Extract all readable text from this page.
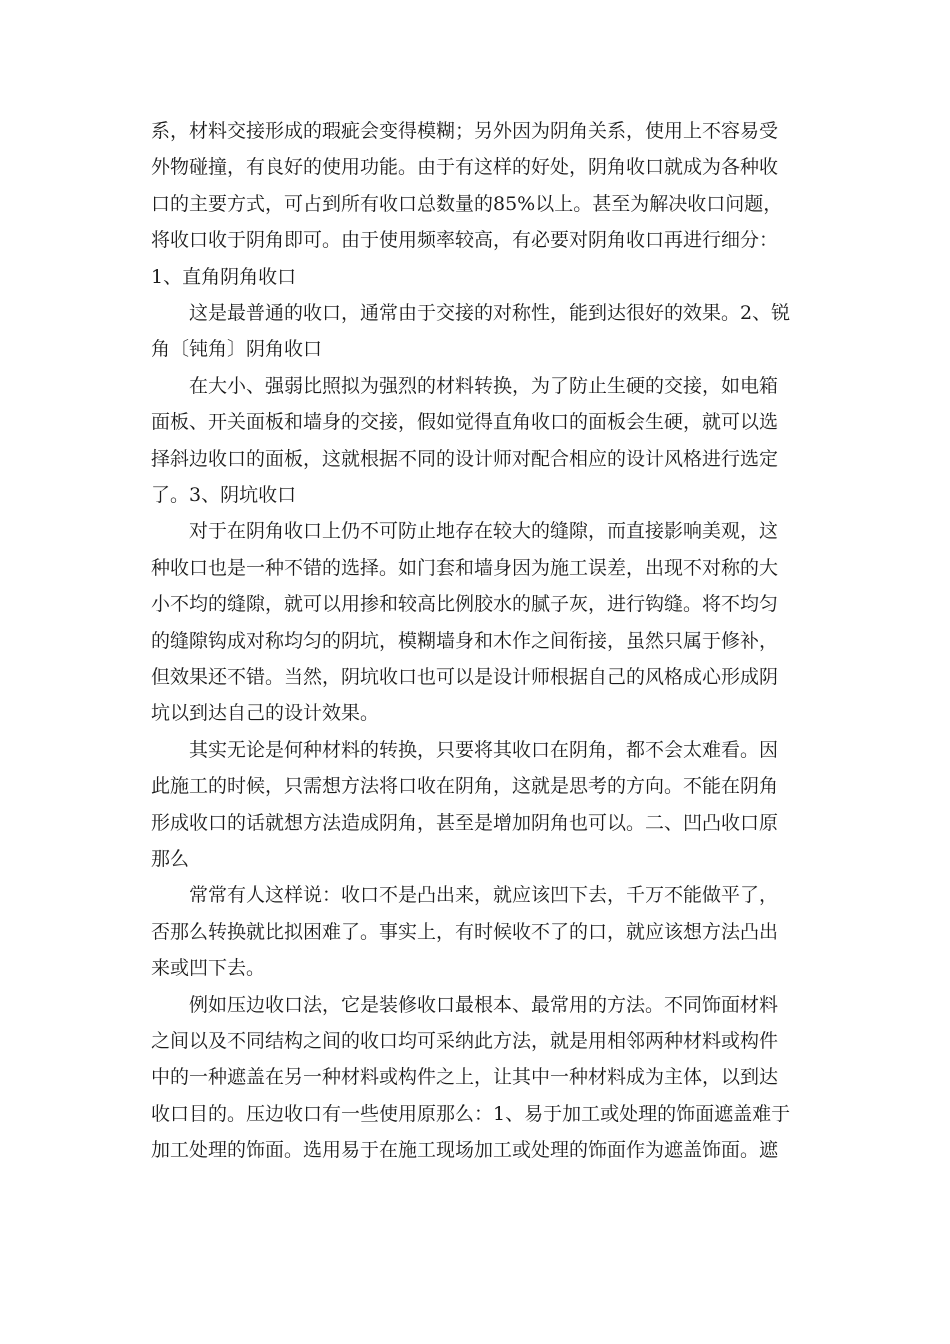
系，材料交接形成的瑕疵会变得模糊；另外因为阴角关系，使用上不容易受
外物碰撞，有良好的使用功能。由于有这样的好处，阴角收口就成为各种收
口的主要方式，可占到所有收口总数量的85%以上。甚至为解决收口问题，
将收口收于阴角即可。由于使用频率较高，有必要对阴角收口再进行细分：
1、直角阴角收口
这是最普通的收口，通常由于交接的对称性，能到达很好的效果。2、锐
角〔钝角〕阴角收口
在大小、强弱比照拟为强烈的材料转换，为了防止生硬的交接，如电箱
面板、开关面板和墙身的交接，假如觉得直角收口的面板会生硬，就可以选
择斜边收口的面板，这就根据不同的设计师对配合相应的设计风格进行选定
了。3、阴坑收口
对于在阴角收口上仍不可防止地存在较大的缝隙，而直接影响美观，这
种收口也是一种不错的选择。如门套和墙身因为施工误差，出现不对称的大
小不均的缝隙，就可以用掺和较高比例胶水的腻子灰，进行钩缝。将不均匀
的缝隙钩成对称均匀的阴坑，模糊墙身和木作之间衔接，虽然只属于修补，
但效果还不错。当然，阴坑收口也可以是设计师根据自己的风格成心形成阴
坑以到达自己的设计效果。
其实无论是何种材料的转换，只要将其收口在阴角，都不会太难看。因
此施工的时候，只需想方法将口收在阴角，这就是思考的方向。不能在阴角
形成收口的话就想方法造成阴角，甚至是增加阴角也可以。二、凹凸收口原
那么
常常有人这样说：收口不是凸出来，就应该凹下去，千万不能做平了，
否那么转换就比拟困难了。事实上，有时候收不了的口，就应该想方法凸出
来或凹下去。
例如压边收口法，它是装修收口最根本、最常用的方法。不同饰面材料
之间以及不同结构之间的收口均可采纳此方法，就是用相邻两种材料或构件
中的一种遮盖在另一种材料或构件之上，让其中一种材料成为主体，以到达
收口目的。压边收口有一些使用原那么：1、易于加工或处理的饰面遮盖难于
加工处理的饰面。选用易于在施工现场加工或处理的饰面作为遮盖饰面。遮
